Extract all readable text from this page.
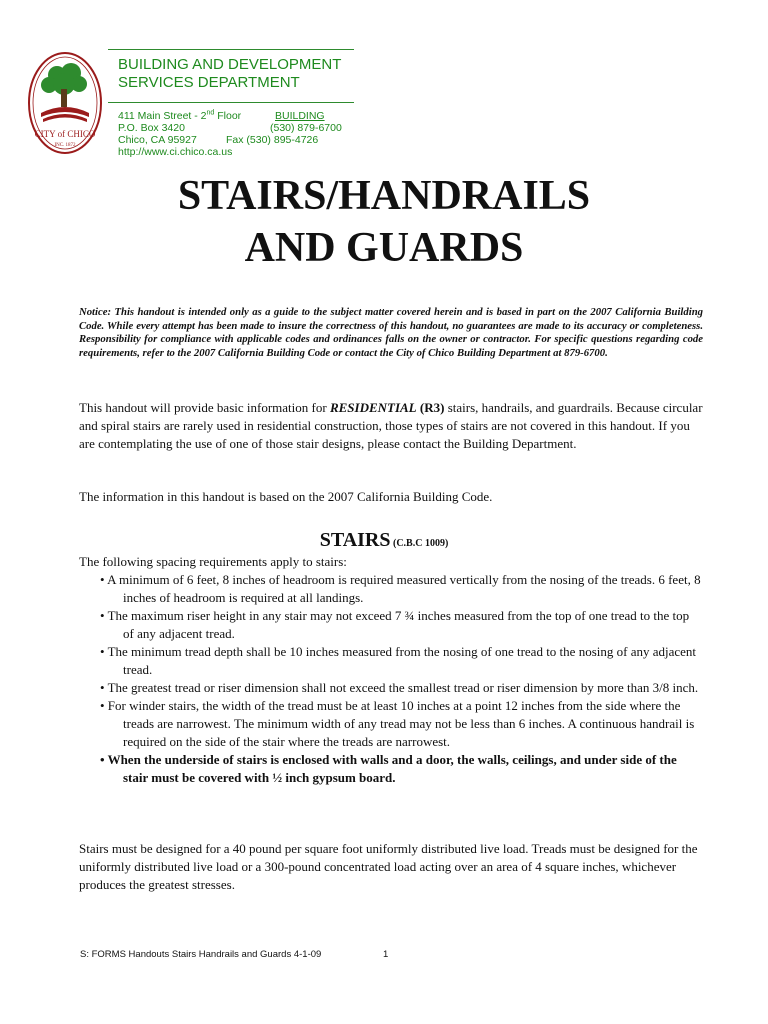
CITY of CHICO
INC. 1872
BUILDING AND DEVELOPMENT
SERVICES DEPARTMENT
411 Main Street - 2nd Floor	BUILDING
P.O. Box 3420	(530) 879-6700
Chico, CA 95927	Fax (530) 895-4726
http://www.ci.chico.ca.us
STAIRS/HANDRAILS
AND GUARDS
Notice: This handout is intended only as a guide to the subject matter covered herein and is based in part on the 2007 California Building Code. While every attempt has been made to insure the correctness of this handout, no guarantees are made to its accuracy or completeness. Responsibility for compliance with applicable codes and ordinances falls on the owner or contractor. For specific questions regarding code requirements, refer to the 2007 California Building Code or contact the City of Chico Building Department at 879-6700.
This handout will provide basic information for RESIDENTIAL (R3) stairs, handrails, and guardrails. Because circular and spiral stairs are rarely used in residential construction, those types of stairs are not covered in this handout. If you are contemplating the use of one of those stair designs, please contact the Building Department.
The information in this handout is based on the 2007 California Building Code.
STAIRS (C.B.C 1009)
The following spacing requirements apply to stairs:
• A minimum of 6 feet, 8 inches of headroom is required measured vertically from the nosing of the treads. 6 feet, 8 inches of headroom is required at all landings.
• The maximum riser height in any stair may not exceed 7 ¾ inches measured from the top of one tread to the top of any adjacent tread.
• The minimum tread depth shall be 10 inches measured from the nosing of one tread to the nosing of any adjacent tread.
• The greatest tread or riser dimension shall not exceed the smallest tread or riser dimension by more than 3/8 inch.
• For winder stairs, the width of the tread must be at least 10 inches at a point 12 inches from the side where the treads are narrowest. The minimum width of any tread may not be less than 6 inches. A continuous handrail is required on the side of the stair where the treads are narrowest.
• When the underside of stairs is enclosed with walls and a door, the walls, ceilings, and under side of the stair must be covered with ½ inch gypsum board.
Stairs must be designed for a 40 pound per square foot uniformly distributed live load. Treads must be designed for the uniformly distributed live load or a 300-pound concentrated load acting over an area of 4 square inches, whichever produces the greatest stresses.
S: FORMS Handouts Stairs Handrails and Guards 4-1-09	1
